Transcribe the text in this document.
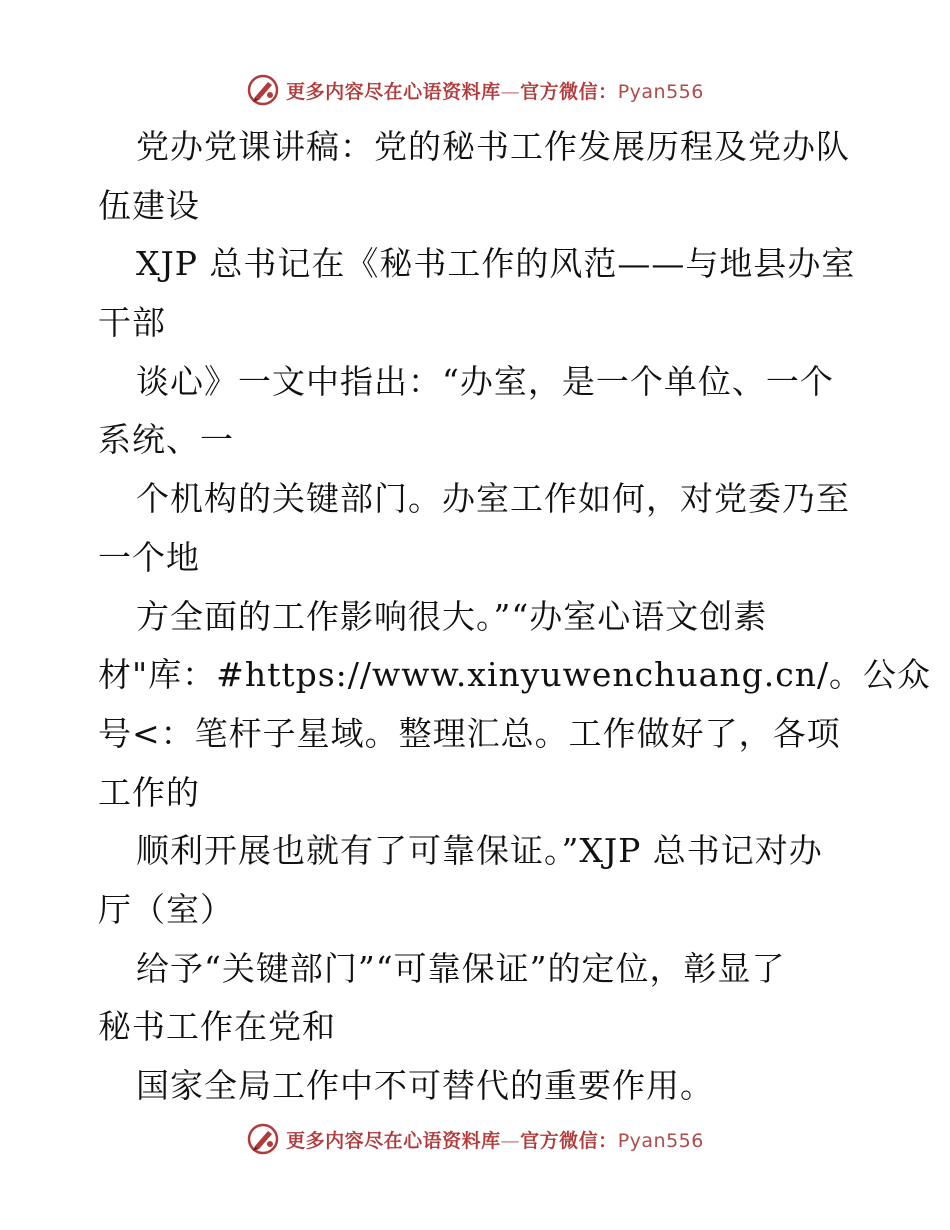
更多内容尽在心语资料库—官方微信：Pyan556
党办党课讲稿：党的秘书工作发展历程及党办队
伍建设
XJP 总书记在《秘书工作的风范——与地县办室
干部
谈心》一文中指出：“办室，是一个单位、一个
系统、一
个机构的关键部门。办室工作如何，对党委乃至
一个地
方全面的工作影响很大。”“办室心语文创素
材"库：#https://www.xinyuwenchuang.cn/。公众
号<：笔杆子星域。整理汇总。工作做好了，各项
工作的
顺利开展也就有了可靠保证。”XJP 总书记对办
厅（室）
给予“关键部门”“可靠保证”的定位，彰显了
秘书工作在党和
国家全局工作中不可替代的重要作用。
更多内容尽在心语资料库—官方微信：Pyan556
